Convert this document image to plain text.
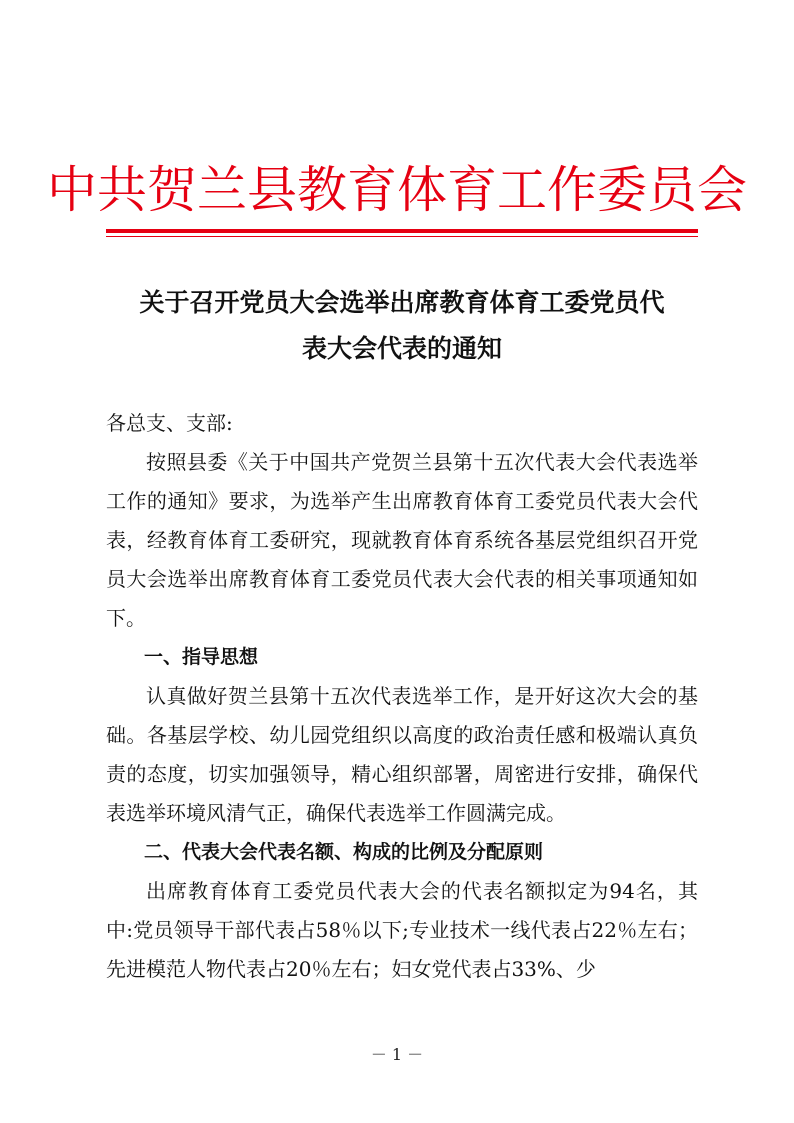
中共贺兰县教育体育工作委员会
关于召开党员大会选举出席教育体育工委党员代
表大会代表的通知

各总支、支部:

按照县委《关于中国共产党贺兰县第十五次代表大会代表选举工作的通知》要求，为选举产生出席教育体育工委党员代表大会代表，经教育体育工委研究，现就教育体育系统各基层党组织召开党员大会选举出席教育体育工委党员代表大会代表的相关事项通知如下。

一、指导思想

认真做好贺兰县第十五次代表选举工作，是开好这次大会的基础。各基层学校、幼儿园党组织以高度的政治责任感和极端认真负责的态度，切实加强领导，精心组织部署，周密进行安排，确保代表选举环境风清气正，确保代表选举工作圆满完成。

二、代表大会代表名额、构成的比例及分配原则

出席教育体育工委党员代表大会的代表名额拟定为94名，其中:党员领导干部代表占58％以下;专业技术一线代表占22％左右；先进模范人物代表占20％左右；妇女党代表占33%、少

－ 1 －
